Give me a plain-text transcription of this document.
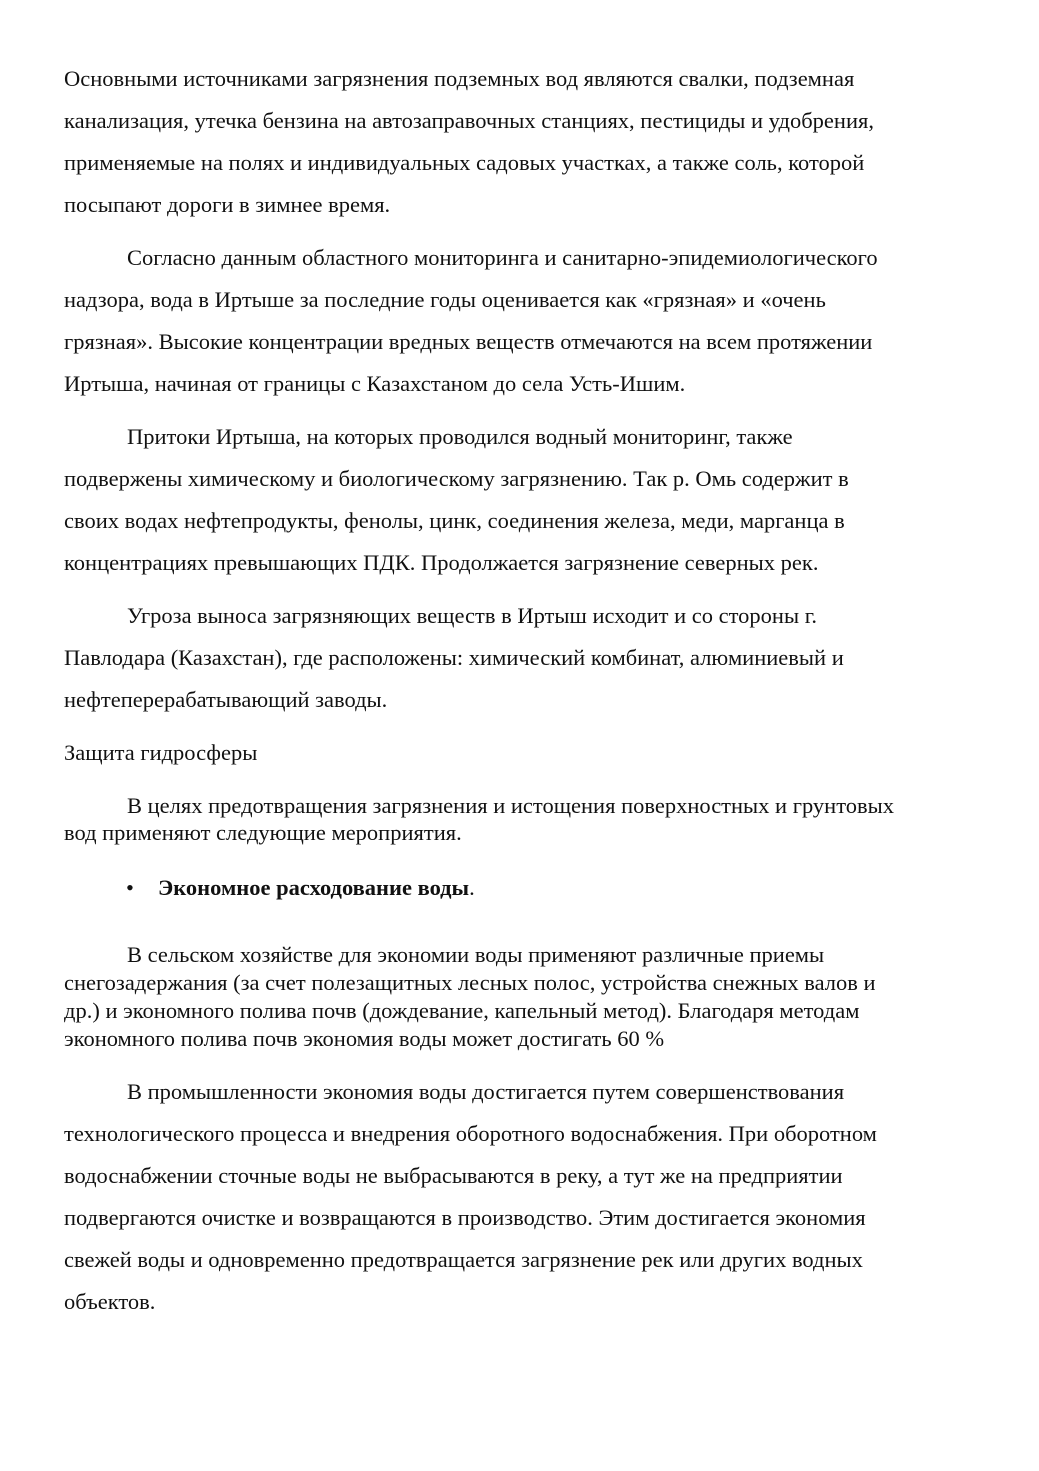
Основными источниками загрязнения подземных вод являются свалки, подземная
канализация, утечка бензина на автозаправочных станциях, пестициды и удобрения,
применяемые на полях и индивидуальных садовых участках, а также соль, которой
посыпают дороги в зимнее время.
Согласно данным областного мониторинга и санитарно-эпидемиологического
надзора, вода в Иртыше за последние годы оценивается как «грязная» и «очень
грязная». Высокие концентрации вредных веществ отмечаются на всем протяжении
Иртыша, начиная от границы с Казахстаном до села Усть-Ишим.
Притоки Иртыша, на которых проводился водный мониторинг, также
подвержены химическому и биологическому загрязнению. Так р. Омь содержит в
своих водах нефтепродукты, фенолы, цинк, соединения железа, меди, марганца в
концентрациях превышающих ПДК. Продолжается загрязнение северных рек.
Угроза выноса загрязняющих веществ в Иртыш исходит и со стороны г.
Павлодара (Казахстан), где расположены: химический комбинат, алюминиевый и
нефтеперерабатывающий заводы.
Защита гидросферы
В целях предотвращения загрязнения и истощения поверхностных и грунтовых
вод применяют следующие мероприятия.
• Экономное расходование воды.
В сельском хозяйстве для экономии воды применяют различные приемы
снегозадержания (за счет полезащитных лесных полос, устройства снежных валов и
др.) и экономного полива почв (дождевание, капельный метод). Благодаря методам
экономного полива почв экономия воды может достигать 60 %
В промышленности экономия воды достигается путем совершенствования
технологического процесса и внедрения оборотного водоснабжения. При оборотном
водоснабжении сточные воды не выбрасываются в реку, а тут же на предприятии
подвергаются очистке и возвращаются в производство. Этим достигается экономия
свежей воды и одновременно предотвращается загрязнение рек или других водных
объектов.
